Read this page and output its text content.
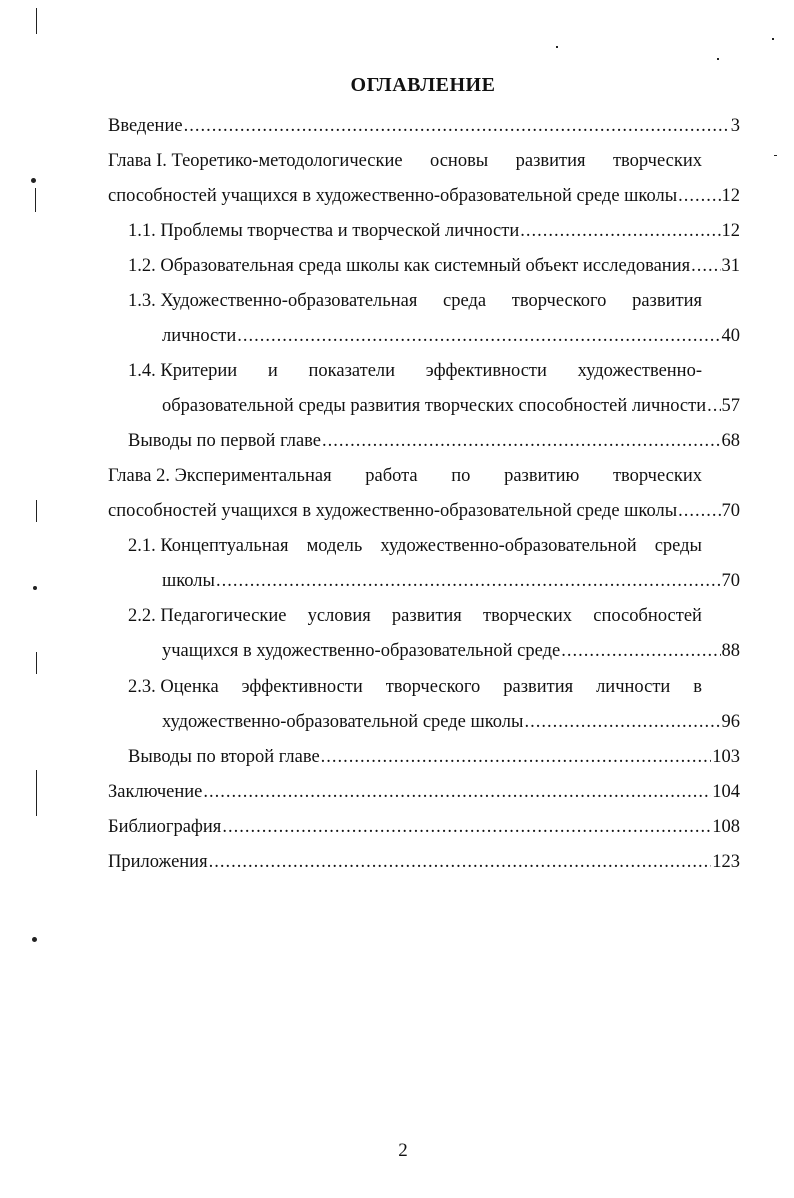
ОГЛАВЛЕНИЕ
Введение .....	3
Глава I. Теоретико-методологические основы развития творческих
способностей учащихся в художественно-образовательной среде школы ..... 12
1.1. Проблемы творчества и творческой личности .....	12
1.2. Образовательная среда школы как системный объект исследования ..... 31
1.3. Художественно-образовательная среда творческого развития
личности .....	40
1.4. Критерии и показатели эффективности художественно-
образовательной среды развития творческих способностей личности ..... 57
Выводы по первой главе .....	68
Глава 2. Экспериментальная работа по развитию творческих
способностей учащихся в художественно-образовательной среде школы ..... 70
2.1. Концептуальная модель художественно-образовательной среды
школы .....	70
2.2. Педагогические условия развития творческих способностей
учащихся в художественно-образовательной среде .....	88
2.3. Оценка эффективности творческого развития личности в
художественно-образовательной среде школы .....	96
Выводы по второй главе .....	103
Заключение .....	104
Библиография .....	108
Приложения .....	123
2
